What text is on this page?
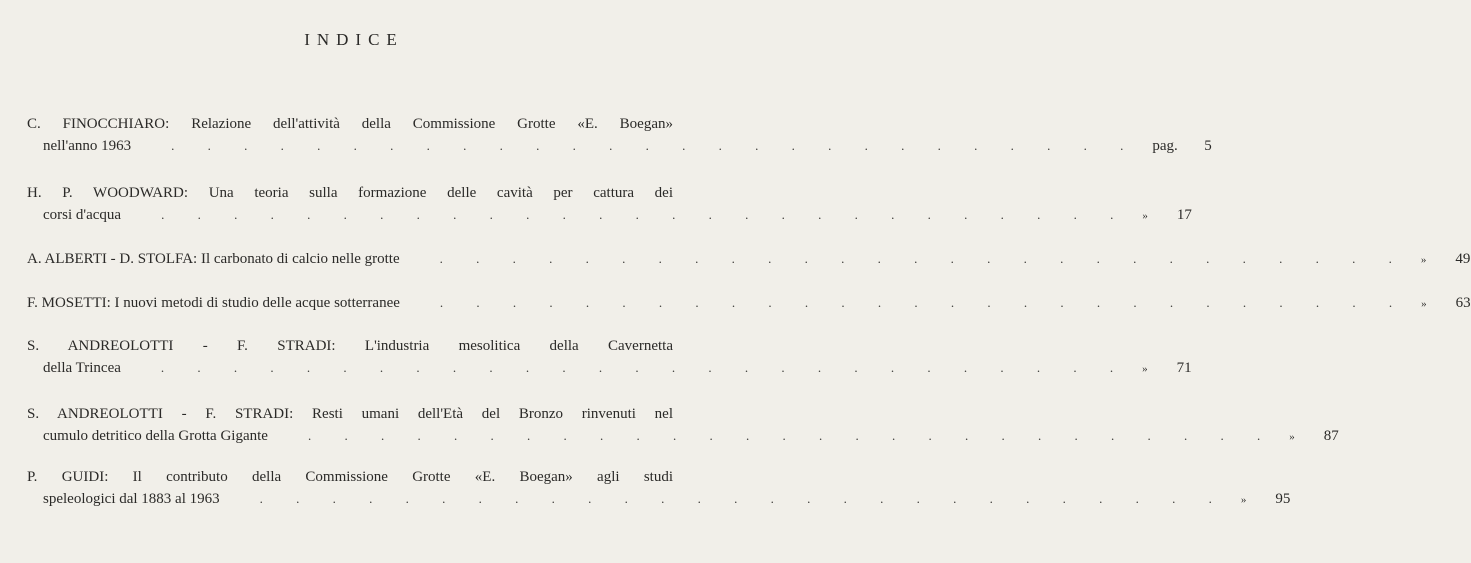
INDICE
C. FINOCCHIARO: Relazione dell'attività della Commissione Grotte «E. Boegan»
nell'anno 1963	. . . . . . . . . . . . . . . . . . . . . . . . . . . pag.	5
H. P. WOODWARD: Una teoria sulla formazione delle cavità per cattura dei
corsi d'acqua	. . . . . . . . . . . . . . . . . . . . . . . . . . . »	17
A. ALBERTI - D. STOLFA: Il carbonato di calcio nelle grotte	. . . . . . . . . . . . . . . . . . . . . . . . . . . »	49
F. MOSETTI: I nuovi metodi di studio delle acque sotterranee	. . . . . . . . . . . . . . . . . . . . . . . . . . . »	63
S. ANDREOLOTTI - F. STRADI: L'industria mesolitica della Cavernetta
della Trincea	. . . . . . . . . . . . . . . . . . . . . . . . . . . »	71
S. ANDREOLOTTI - F. STRADI: Resti umani dell'Età del Bronzo rinvenuti nel
cumulo detritico della Grotta Gigante	. . . . . . . . . . . . . . . . . . . . . . . . . . . »	87
P. GUIDI: Il contributo della Commissione Grotte «E. Boegan» agli studi
speleologici dal 1883 al 1963	. . . . . . . . . . . . . . . . . . . . . . . . . . . »	95
